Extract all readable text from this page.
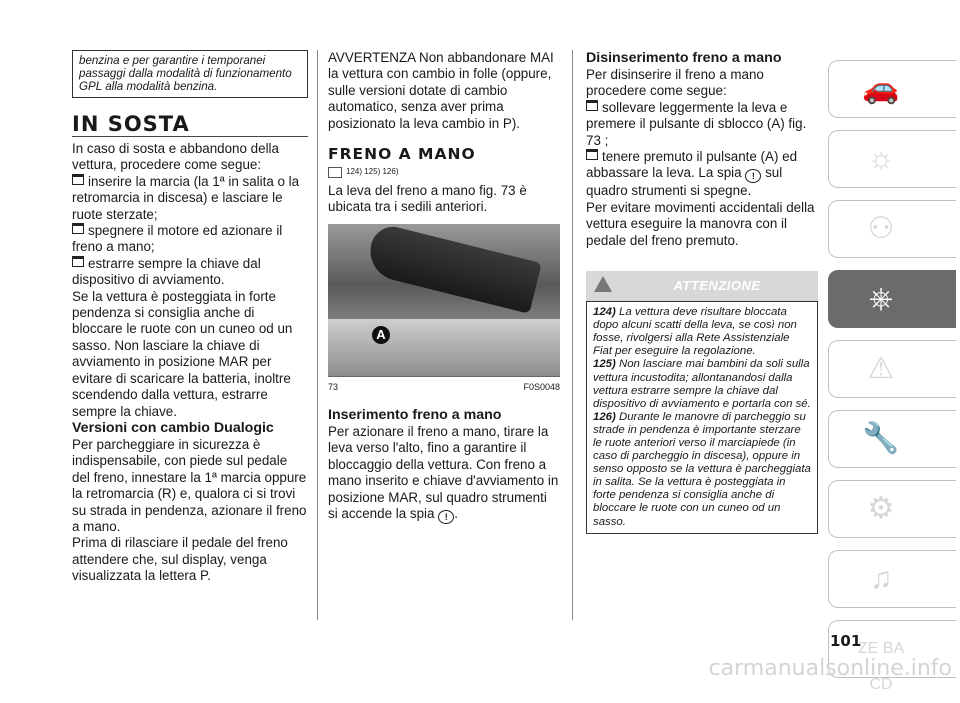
benzina e per garantire i temporanei passaggi dalla modalità di funzionamento GPL alla modalità benzina.
IN SOSTA

In caso di sosta e abbandono della vettura, procedere come segue:

inserire la marcia (la 1ª in salita o la retromarcia in discesa) e lasciare le ruote sterzate;

spegnere il motore ed azionare il freno a mano;

estrarre sempre la chiave dal dispositivo di avviamento.

Se la vettura è posteggiata in forte pendenza si consiglia anche di bloccare le ruote con un cuneo od un sasso. Non lasciare la chiave di avviamento in posizione MAR per evitare di scaricare la batteria, inoltre scendendo dalla vettura, estrarre sempre la chiave.

Versioni con cambio Dualogic

Per parcheggiare in sicurezza è indispensabile, con piede sul pedale del freno, innestare la 1ª marcia oppure la retromarcia (R) e, qualora ci si trovi su strada in pendenza, azionare il freno a mano.

Prima di rilasciare il pedale del freno attendere che, sul display, venga visualizzata la lettera P.

AVVERTENZA Non abbandonare MAI la vettura con cambio in folle (oppure, sulle versioni dotate di cambio automatico, senza aver prima posizionato la leva cambio in P).

FRENO A MANO
124) 125) 126)

La leva del freno a mano fig. 73 è ubicata tra i sedili anteriori.

A
73	F0S0048
Inserimento freno a mano

Per azionare il freno a mano, tirare la leva verso l'alto, fino a garantire il bloccaggio della vettura. Con freno a mano inserito e chiave d'avviamento in posizione MAR, sul quadro strumenti si accende la spia ! .

Disinserimento freno a mano

Per disinserire il freno a mano procedere come segue:

sollevare leggermente la leva e premere il pulsante di sblocco (A) fig. 73 ;

tenere premuto il pulsante (A) ed abbassare la leva. La spia ! sul quadro strumenti si spegne.

Per evitare movimenti accidentali della vettura eseguire la manovra con il pedale del freno premuto.

ATTENZIONE

124) La vettura deve risultare bloccata dopo alcuni scatti della leva, se così non fosse, rivolgersi alla Rete Assistenziale Fiat per eseguire la regolazione.

125) Non lasciare mai bambini da soli sulla vettura incustodita; allontanandosi dalla vettura estrarre sempre la chiave dal dispositivo di avviamento e portarla con sé.

126) Durante le manovre di parcheggio su strade in pendenza è importante sterzare le ruote anteriori verso il marciapiede (in caso di parcheggio in discesa), oppure in senso opposto se la vettura è parcheggiata in salita. Se la vettura è posteggiata in forte pendenza si consiglia anche di bloccare le ruote con un cuneo od un sasso.

🚗
☼
⚇
⎈
⚠
🔧
⚙
♫
ZE BA CD
101
carmanualsonline.info
